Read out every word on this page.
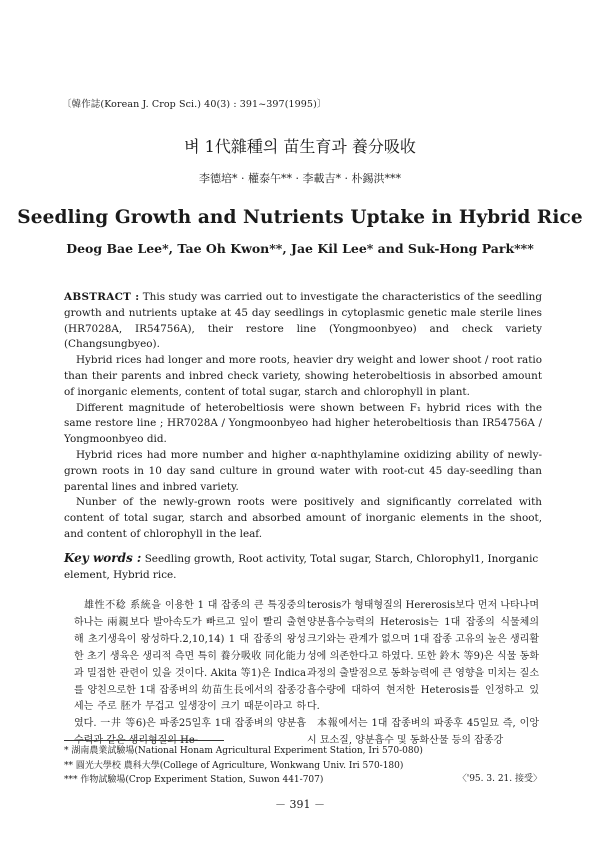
〔韓作誌(Korean J. Crop Sci.) 40(3) : 391~397(1995)〕
벼 1代雜種의 苗生育과 養分吸收
李德培* · 權泰午** · 李載吉* · 朴錫洪***
Seedling Growth and Nutrients Uptake in Hybrid Rice
Deog Bae Lee*, Tae Oh Kwon**, Jae Kil Lee* and Suk-Hong Park***

ABSTRACT : This study was carried out to investigate the characteristics of the seedling growth and nutrients uptake at 45 day seedlings in cytoplasmic genetic male sterile lines (HR7028A, IR54756A), their restore line (Yongmoonbyeo) and check variety (Changsungbyeo).

Hybrid rices had longer and more roots, heavier dry weight and lower shoot / root ratio than their parents and inbred check variety, showing heterobeltiosis in absorbed amount of inorganic elements, content of total sugar, starch and chlorophyll in plant.

Different magnitude of heterobeltiosis were shown between F₁ hybrid rices with the same restore line ; HR7028A / Yongmoonbyeo had higher heterobeltiosis than IR54756A / Yongmoonbyeo did.

Hybrid rices had more number and higher α-naphthylamine oxidizing ability of newly-grown roots in 10 day sand culture in ground water with root-cut 45 day-seedling than parental lines and inbred variety.

Nunber of the newly-grown roots were positively and significantly correlated with content of total sugar, starch and absorbed amount of inorganic elements in the shoot, and content of chlorophyll in the leaf.

Key words : Seedling growth, Root activity, Total sugar, Starch, Chlorophyl1, Inorganic element, Hybrid rice.

雄性不稔 系統을 이용한 1 대 잡종의 큰 특징중의 하나는 兩親보다 발아속도가 빠르고 잎이 빨리 출현해 초기생육이 왕성하다.2,10,14) 1 대 잡종의 왕성한 초기 생육은 생리적 측면 특히 養分吸收 同化能力과 밀접한 관련이 있을 것이다. Akita 等1)은 Indica를 양친으로한 1대 잡종벼의 幼苗生長에서의 잡종강세는 주로 胚가 무겁고 잎생장이 크기 때문이라고 하였다. 一井 等6)은 파종25일후 1대 잡종벼의 양분흡수력과 같은 생리형질의 He-

terosis가 형태형질의 Hererosis보다 먼저 나타나며 양분흡수능력의 Heterosis는 1대 잡종의 식물체의 크기와는 관계가 없으며 1대 잡종 고유의 높은 생리활성에 의존한다고 하였다. 또한 鈴木 等9)은 식물 동화과정의 출발점으로 동화능력에 큰 영향을 미치는 질소흡수량에 대하여 현저한 Heterosis를 인정하고 있다.

本報에서는 1대 잡종벼의 파종후 45일묘 즉, 이앙시 묘소질, 양분흡수 및 동화산물 등의 잡종강

* 湖南農業試驗場(National Honam Agricultural Experiment Station, Iri 570-080)
** 圓光大學校 農科大學(College of Agriculture, Wonkwang Univ. Iri 570-180)
*** 作物試驗場(Crop Experiment Station, Suwon 441-707)	〈'95. 3. 21. 接受〉
－ 391 －
